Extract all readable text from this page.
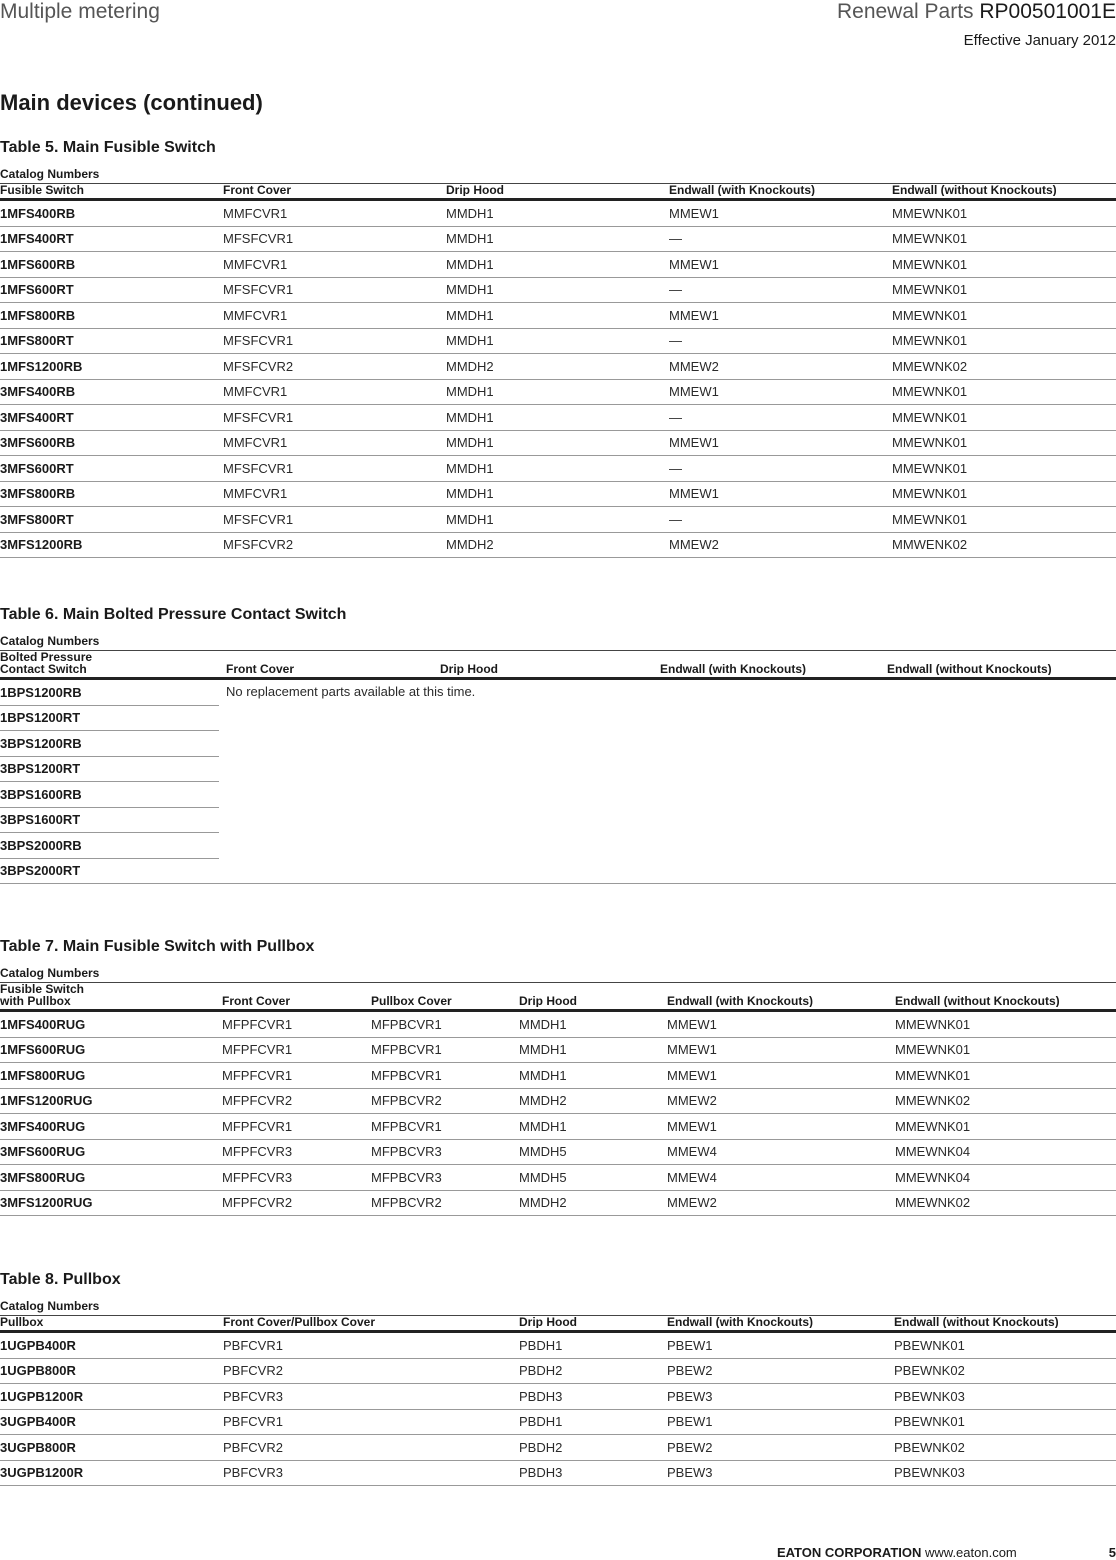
Multiple metering	Renewal Parts RP00501001E
Effective January 2012
Main devices (continued)
Table 5. Main Fusible Switch
Catalog Numbers
Fusible Switch	Front Cover	Drip Hood	Endwall (with Knockouts)	Endwall (without Knockouts)
1MFS400RB	MMFCVR1	MMDH1	MMEW1	MMEWNK01
1MFS400RT	MFSFCVR1	MMDH1	—	MMEWNK01
1MFS600RB	MMFCVR1	MMDH1	MMEW1	MMEWNK01
1MFS600RT	MFSFCVR1	MMDH1	—	MMEWNK01
1MFS800RB	MMFCVR1	MMDH1	MMEW1	MMEWNK01
1MFS800RT	MFSFCVR1	MMDH1	—	MMEWNK01
1MFS1200RB	MFSFCVR2	MMDH2	MMEW2	MMEWNK02
3MFS400RB	MMFCVR1	MMDH1	MMEW1	MMEWNK01
3MFS400RT	MFSFCVR1	MMDH1	—	MMEWNK01
3MFS600RB	MMFCVR1	MMDH1	MMEW1	MMEWNK01
3MFS600RT	MFSFCVR1	MMDH1	—	MMEWNK01
3MFS800RB	MMFCVR1	MMDH1	MMEW1	MMEWNK01
3MFS800RT	MFSFCVR1	MMDH1	—	MMEWNK01
3MFS1200RB	MFSFCVR2	MMDH2	MMEW2	MMWENK02
Table 6. Main Bolted Pressure Contact Switch
Catalog Numbers
Bolted Pressure
Contact Switch	Front Cover	Drip Hood	Endwall (with Knockouts)	Endwall (without Knockouts)
No replacement parts available at this time.
1BPS1200RB
1BPS1200RT
3BPS1200RB
3BPS1200RT
3BPS1600RB
3BPS1600RT
3BPS2000RB
3BPS2000RT
Table 7. Main Fusible Switch with Pullbox
Catalog Numbers
Fusible Switch
with Pullbox	Front Cover	Pullbox Cover	Drip Hood	Endwall (with Knockouts)	Endwall (without Knockouts)
1MFS400RUG	MFPFCVR1	MFPBCVR1	MMDH1	MMEW1	MMEWNK01
1MFS600RUG	MFPFCVR1	MFPBCVR1	MMDH1	MMEW1	MMEWNK01
1MFS800RUG	MFPFCVR1	MFPBCVR1	MMDH1	MMEW1	MMEWNK01
1MFS1200RUG	MFPFCVR2	MFPBCVR2	MMDH2	MMEW2	MMEWNK02
3MFS400RUG	MFPFCVR1	MFPBCVR1	MMDH1	MMEW1	MMEWNK01
3MFS600RUG	MFPFCVR3	MFPBCVR3	MMDH5	MMEW4	MMEWNK04
3MFS800RUG	MFPFCVR3	MFPBCVR3	MMDH5	MMEW4	MMEWNK04
3MFS1200RUG	MFPFCVR2	MFPBCVR2	MMDH2	MMEW2	MMEWNK02
Table 8. Pullbox
Catalog Numbers
Pullbox	Front Cover/Pullbox Cover	Drip Hood	Endwall (with Knockouts)	Endwall (without Knockouts)
1UGPB400R	PBFCVR1	PBDH1	PBEW1	PBEWNK01
1UGPB800R	PBFCVR2	PBDH2	PBEW2	PBEWNK02
1UGPB1200R	PBFCVR3	PBDH3	PBEW3	PBEWNK03
3UGPB400R	PBFCVR1	PBDH1	PBEW1	PBEWNK01
3UGPB800R	PBFCVR2	PBDH2	PBEW2	PBEWNK02
3UGPB1200R	PBFCVR3	PBDH3	PBEW3	PBEWNK03
EATON CORPORATION www.eaton.com	5
